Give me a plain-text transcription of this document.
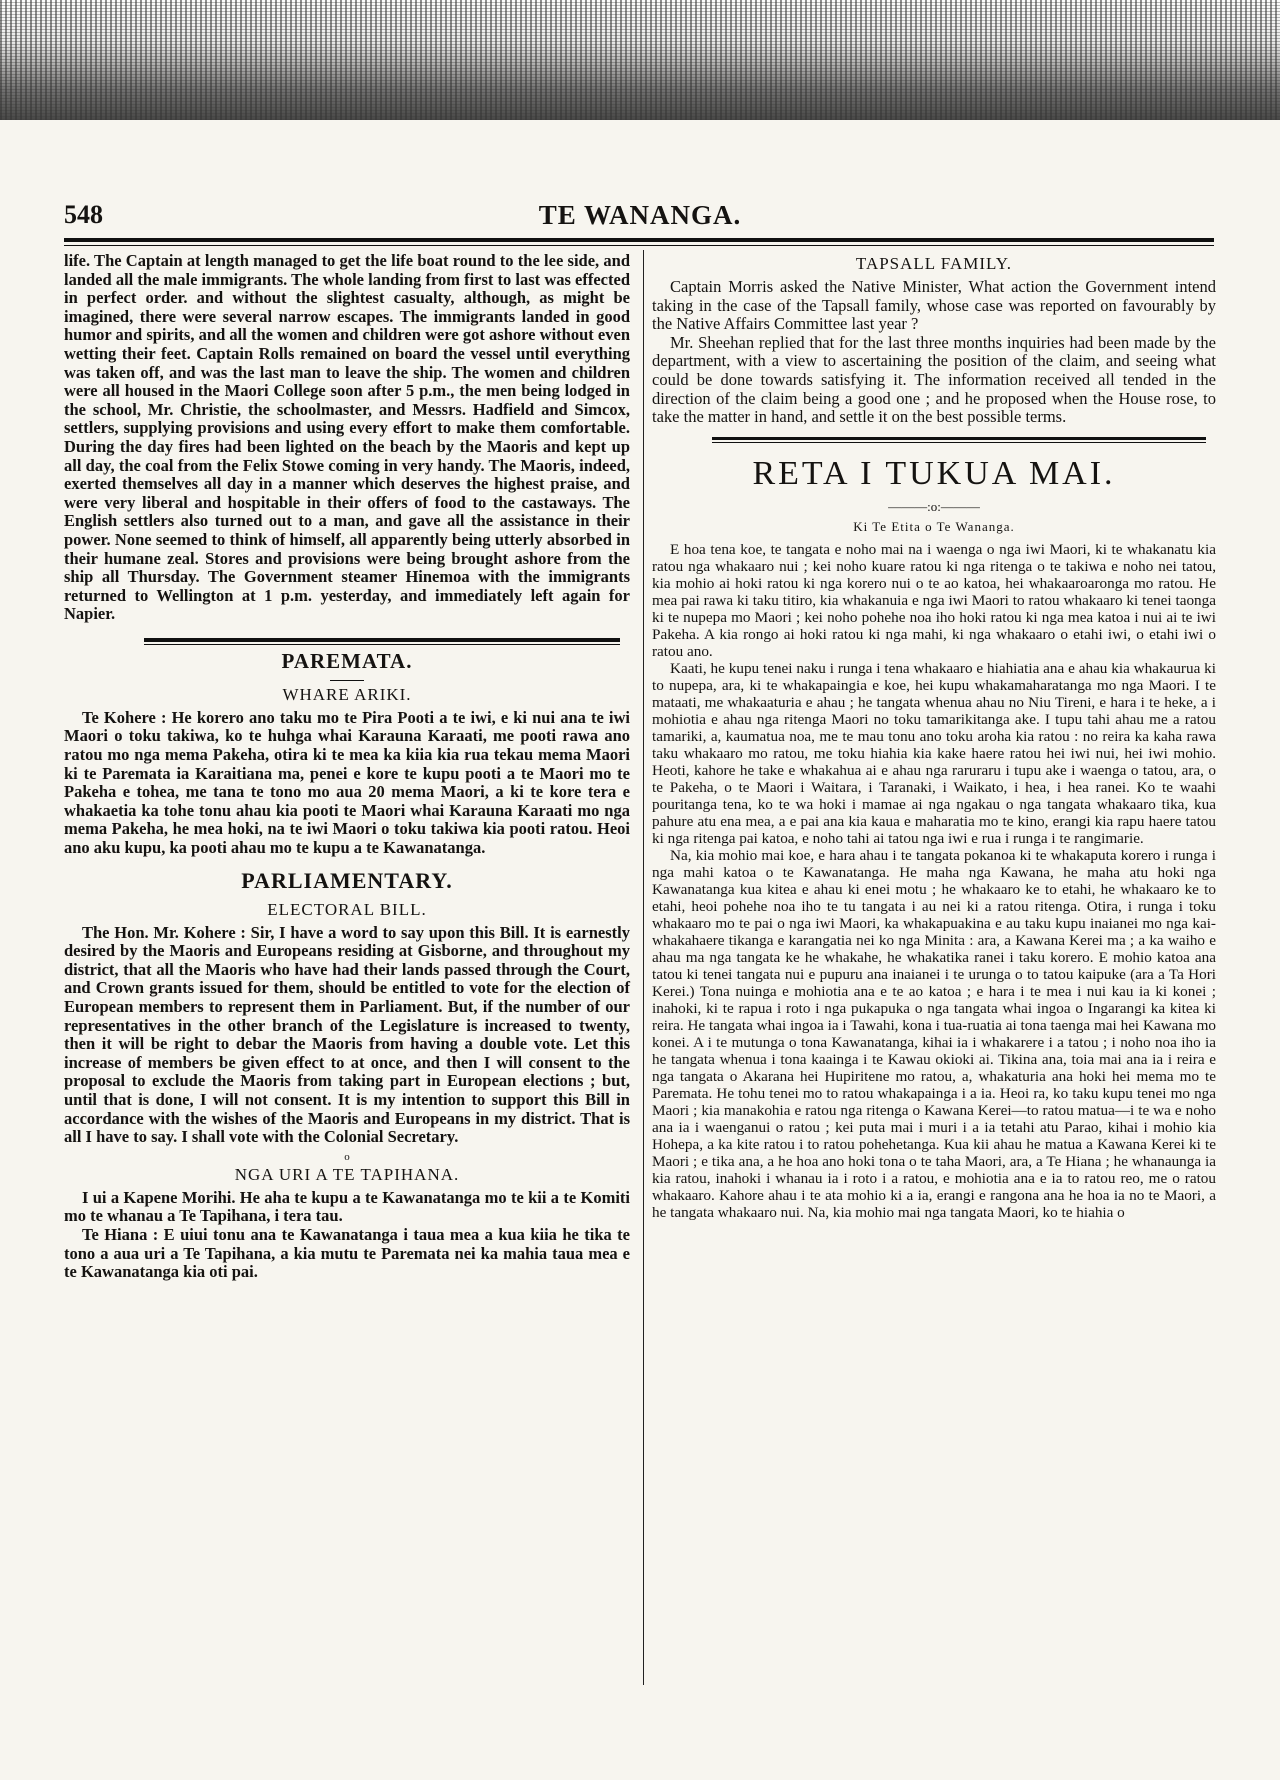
548	TE WANANGA.

life. The Captain at length managed to get the life boat round to the lee side, and landed all the male immigrants. The whole landing from first to last was effected in perfect order. and without the slightest casualty, although, as might be imagined, there were several narrow escapes. The immigrants landed in good humor and spirits, and all the women and children were got ashore without even wetting their feet. Captain Rolls remained on board the vessel until everything was taken off, and was the last man to leave the ship. The women and children were all housed in the Maori College soon after 5 p.m., the men being lodged in the school, Mr. Christie, the schoolmaster, and Messrs. Hadfield and Simcox, settlers, supplying provisions and using every effort to make them comfortable. During the day fires had been lighted on the beach by the Maoris and kept up all day, the coal from the Felix Stowe coming in very handy. The Maoris, indeed, exerted themselves all day in a manner which deserves the highest praise, and were very liberal and hospitable in their offers of food to the castaways. The English settlers also turned out to a man, and gave all the assistance in their power. None seemed to think of himself, all apparently being utterly absorbed in their humane zeal. Stores and provisions were being brought ashore from the ship all Thursday. The Government steamer Hinemoa with the immigrants returned to Wellington at 1 p.m. yesterday, and immediately left again for Napier.

PAREMATA.
WHARE ARIKI.

Te Kohere : He korero ano taku mo te Pira Pooti a te iwi, e ki nui ana te iwi Maori o toku takiwa, ko te huhga whai Karauna Karaati, me pooti rawa ano ratou mo nga mema Pakeha, otira ki te mea ka kiia kia rua tekau mema Maori ki te Paremata ia Karaitiana ma, penei e kore te kupu pooti a te Maori mo te Pakeha e tohea, me tana te tono mo aua 20 mema Maori, a ki te kore tera e whakaetia ka tohe tonu ahau kia pooti te Maori whai Karauna Karaati mo nga mema Pakeha, he mea hoki, na te iwi Maori o toku takiwa kia pooti ratou. Heoi ano aku kupu, ka pooti ahau mo te kupu a te Kawanatanga.

PARLIAMENTARY.
ELECTORAL BILL.

The Hon. Mr. Kohere : Sir, I have a word to say upon this Bill. It is earnestly desired by the Maoris and Europeans residing at Gisborne, and throughout my district, that all the Maoris who have had their lands passed through the Court, and Crown grants issued for them, should be entitled to vote for the election of European members to represent them in Parliament. But, if the number of our representatives in the other branch of the Legislature is increased to twenty, then it will be right to debar the Maoris from having a double vote. Let this increase of members be given effect to at once, and then I will consent to the proposal to exclude the Maoris from taking part in European elections ; but, until that is done, I will not consent. It is my intention to support this Bill in accordance with the wishes of the Maoris and Europeans in my district. That is all I have to say. I shall vote with the Colonial Secretary.

o
NGA URI A TE TAPIHANA.

I ui a Kapene Morihi. He aha te kupu a te Kawanatanga mo te kii a te Komiti mo te whanau a Te Tapihana, i tera tau.

Te Hiana : E uiui tonu ana te Kawanatanga i taua mea a kua kiia he tika te tono a aua uri a Te Tapihana, a kia mutu te Paremata nei ka mahia taua mea e te Kawanatanga kia oti pai.

TAPSALL FAMILY.

Captain Morris asked the Native Minister, What action the Government intend taking in the case of the Tapsall family, whose case was reported on favourably by the Native Affairs Committee last year ?

Mr. Sheehan replied that for the last three months inquiries had been made by the department, with a view to ascertaining the position of the claim, and seeing what could be done towards satisfying it. The information received all tended in the direction of the claim being a good one ; and he proposed when the House rose, to take the matter in hand, and settle it on the best possible terms.

RETA I TUKUA MAI.
———:o:———
Ki Te Etita o Te Wananga.

E hoa tena koe, te tangata e noho mai na i waenga o nga iwi Maori, ki te whakanatu kia ratou nga whakaaro nui ; kei noho kuare ratou ki nga ritenga o te takiwa e noho nei tatou, kia mohio ai hoki ratou ki nga korero nui o te ao katoa, hei whakaaroaronga mo ratou. He mea pai rawa ki taku titiro, kia whakanuia e nga iwi Maori to ratou whakaaro ki tenei taonga ki te nupepa mo Maori ; kei noho pohehe noa iho hoki ratou ki nga mea katoa i nui ai te iwi Pakeha. A kia rongo ai hoki ratou ki nga mahi, ki nga whakaaro o etahi iwi, o etahi iwi o ratou ano.

Kaati, he kupu tenei naku i runga i tena whakaaro e hiahiatia ana e ahau kia whakaurua ki to nupepa, ara, ki te whakapaingia e koe, hei kupu whakamaharatanga mo nga Maori. I te mataati, me whakaaturia e ahau ; he tangata whenua ahau no Niu Tireni, e hara i te heke, a i mohiotia e ahau nga ritenga Maori no toku tamarikitanga ake. I tupu tahi ahau me a ratou tamariki, a, kaumatua noa, me te mau tonu ano toku aroha kia ratou : no reira ka kaha rawa taku whakaaro mo ratou, me toku hiahia kia kake haere ratou hei iwi nui, hei iwi mohio. Heoti, kahore he take e whakahua ai e ahau nga raruraru i tupu ake i waenga o tatou, ara, o te Pakeha, o te Maori i Waitara, i Taranaki, i Waikato, i hea, i hea ranei. Ko te waahi pouritanga tena, ko te wa hoki i mamae ai nga ngakau o nga tangata whakaaro tika, kua pahure atu ena mea, a e pai ana kia kaua e maharatia mo te kino, erangi kia rapu haere tatou ki nga ritenga pai katoa, e noho tahi ai tatou nga iwi e rua i runga i te rangimarie.

Na, kia mohio mai koe, e hara ahau i te tangata pokanoa ki te whakaputa korero i runga i nga mahi katoa o te Kawanatanga. He maha nga Kawana, he maha atu hoki nga Kawanatanga kua kitea e ahau ki enei motu ; he whakaaro ke to etahi, he whakaaro ke to etahi, heoi pohehe noa iho te tu tangata i au nei ki a ratou ritenga. Otira, i runga i toku whakaaro mo te pai o nga iwi Maori, ka whakapuakina e au taku kupu inaianei mo nga kai-whakahaere tikanga e karangatia nei ko nga Minita : ara, a Kawana Kerei ma ; a ka waiho e ahau ma nga tangata ke he whakahe, he whakatika ranei i taku korero. E mohio katoa ana tatou ki tenei tangata nui e pupuru ana inaianei i te urunga o to tatou kaipuke (ara a Ta Hori Kerei.) Tona nuinga e mohiotia ana e te ao katoa ; e hara i te mea i nui kau ia ki konei ; inahoki, ki te rapua i roto i nga pukapuka o nga tangata whai ingoa o Ingarangi ka kitea ki reira. He tangata whai ingoa ia i Tawahi, kona i tua-ruatia ai tona taenga mai hei Kawana mo konei. A i te mutunga o tona Kawanatanga, kihai ia i whakarere i a tatou ; i noho noa iho ia he tangata whenua i tona kaainga i te Kawau okioki ai. Tikina ana, toia mai ana ia i reira e nga tangata o Akarana hei Hupiritene mo ratou, a, whakaturia ana hoki hei mema mo te Paremata. He tohu tenei mo to ratou whakapainga i a ia. Heoi ra, ko taku kupu tenei mo nga Maori ; kia manakohia e ratou nga ritenga o Kawana Kerei—to ratou matua—i te wa e noho ana ia i waenganui o ratou ; kei puta mai i muri i a ia tetahi atu Parao, kihai i mohio kia Hohepa, a ka kite ratou i to ratou pohehetanga. Kua kii ahau he matua a Kawana Kerei ki te Maori ; e tika ana, a he hoa ano hoki tona o te taha Maori, ara, a Te Hiana ; he whanaunga ia kia ratou, inahoki i whanau ia i roto i a ratou, e mohiotia ana e ia to ratou reo, me o ratou whakaaro. Kahore ahau i te ata mohio ki a ia, erangi e rangona ana he hoa ia no te Maori, a he tangata whakaaro nui. Na, kia mohio mai nga tangata Maori, ko te hiahia o
